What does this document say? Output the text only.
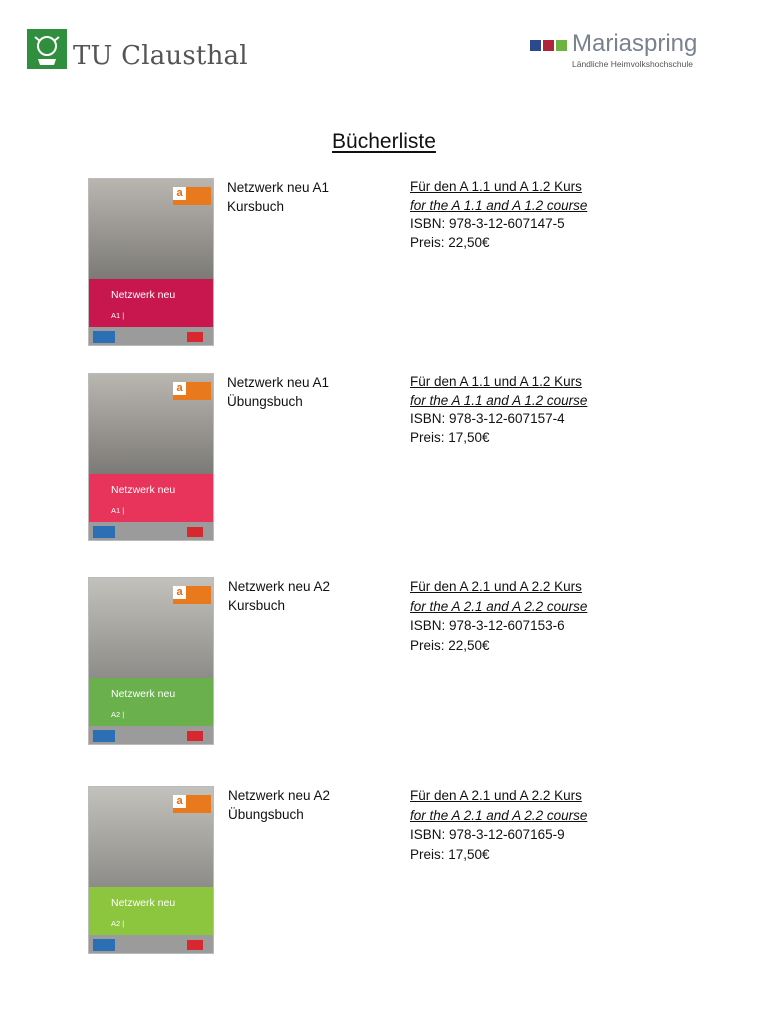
TU Clausthal	Mariaspring
Ländliche Heimvolkshochschule
Bücherliste
a
Netzwerk neu
A1 |
Netzwerk neu A1
Kursbuch
Für den A 1.1 und A 1.2 Kurs
for the A 1.1 and A 1.2 course
ISBN: 978-3-12-607147-5
Preis: 22,50€
a
Netzwerk neu
A1 |
Netzwerk neu A1
Übungsbuch
Für den A 1.1 und A 1.2 Kurs
for the A 1.1 and A 1.2 course
ISBN: 978-3-12-607157-4
Preis: 17,50€
a
Netzwerk neu
A2 |
Netzwerk neu A2
Kursbuch
Für den A 2.1 und A 2.2 Kurs
for the A 2.1 and A 2.2 course
ISBN: 978-3-12-607153-6
Preis: 22,50€
a
Netzwerk neu
A2 |
Netzwerk neu A2
Übungsbuch
Für den A 2.1 und A 2.2 Kurs
for the A 2.1 and A 2.2 course
ISBN: 978-3-12-607165-9
Preis: 17,50€
